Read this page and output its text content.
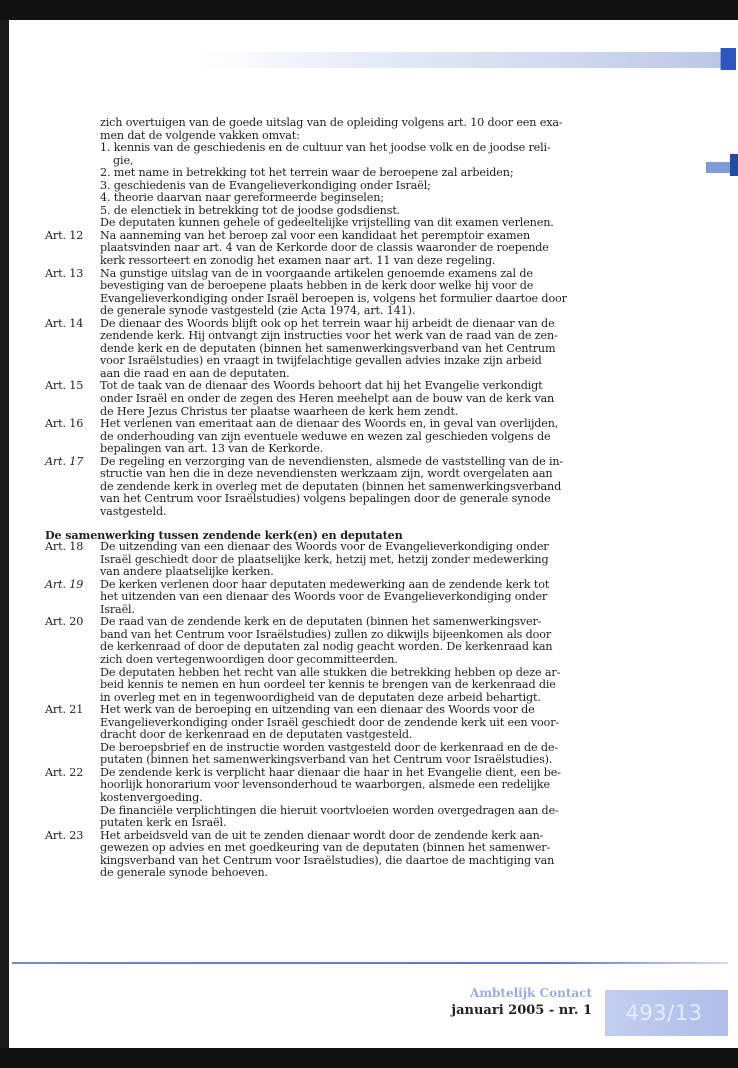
zich overtuigen van de goede uitslag van de opleiding volgens art. 10 door een exa-
men dat de volgende vakken omvat:
1. kennis van de geschiedenis en de cultuur van het joodse volk en de joodse reli-
gie,
2. met name in betrekking tot het terrein waar de beroepene zal arbeiden;
3. geschiedenis van de Evangelieverkondiging onder Israël;
4. theorie daarvan naar gereformeerde beginselen;
5. de elenctiek in betrekking tot de joodse godsdienst.
De deputaten kunnen gehele of gedeeltelijke vrijstelling van dit examen verlenen.
Art. 12	Na aanneming van het beroep zal voor een kandidaat het peremptoir examen
plaatsvinden naar art. 4 van de Kerkorde door de classis waaronder de roepende
kerk ressorteert en zonodig het examen naar art. 11 van deze regeling.
Art. 13	Na gunstige uitslag van de in voorgaande artikelen genoemde examens zal de
bevestiging van de beroepene plaats hebben in de kerk door welke hij voor de
Evangelieverkondiging onder Israël beroepen is, volgens het formulier daartoe door
de generale synode vastgesteld (zie Acta 1974, art. 141).
Art. 14	De dienaar des Woords blijft ook op het terrein waar hij arbeidt de dienaar van de
zendende kerk. Hij ontvangt zijn instructies voor het werk van de raad van de zen-
dende kerk en de deputaten (binnen het samenwerkingsverband van het Centrum
voor Israëlstudies) en vraagt in twijfelachtige gevallen advies inzake zijn arbeid
aan die raad en aan de deputaten.
Art. 15	Tot de taak van de dienaar des Woords behoort dat hij het Evangelie verkondigt
onder Israël en onder de zegen des Heren meehelpt aan de bouw van de kerk van
de Here Jezus Christus ter plaatse waarheen de kerk hem zendt.
Art. 16	Het verlenen van emeritaat aan de dienaar des Woords en, in geval van overlijden,
de onderhouding van zijn eventuele weduwe en wezen zal geschieden volgens de
bepalingen van art. 13 van de Kerkorde.
Art. 17	De regeling en verzorging van de nevendiensten, alsmede de vaststelling van de in-
structie van hen die in deze nevendiensten werkzaam zijn, wordt overgelaten aan
de zendende kerk in overleg met de deputaten (binnen het samenwerkingsverband
van het Centrum voor Israëlstudies) volgens bepalingen door de generale synode
vastgesteld.
De samenwerking tussen zendende kerk(en) en deputaten
Art. 18	De uitzending van een dienaar des Woords voor de Evangelieverkondiging onder
Israël geschiedt door de plaatselijke kerk, hetzij met, hetzij zonder medewerking
van andere plaatselijke kerken.
Art. 19	De kerken verlenen door haar deputaten medewerking aan de zendende kerk tot
het uitzenden van een dienaar des Woords voor de Evangelieverkondiging onder
Israël.
Art. 20	De raad van de zendende kerk en de deputaten (binnen het samenwerkingsver-
band van het Centrum voor Israëlstudies) zullen zo dikwijls bijeenkomen als door
de kerkenraad of door de deputaten zal nodig geacht worden. De kerkenraad kan
zich doen vertegenwoordigen door gecommitteerden.
De deputaten hebben het recht van alle stukken die betrekking hebben op deze ar-
beid kennis te nemen en hun oordeel ter kennis te brengen van de kerkenraad die
in overleg met en in tegenwoordigheid van de deputaten deze arbeid behartigt.
Art. 21	Het werk van de beroeping en uitzending van een dienaar des Woords voor de
Evangelieverkondiging onder Israël geschiedt door de zendende kerk uit een voor-
dracht door de kerkenraad en de deputaten vastgesteld.
De beroepsbrief en de instructie worden vastgesteld door de kerkenraad en de de-
putaten (binnen het samenwerkingsverband van het Centrum voor Israëlstudies).
Art. 22	De zendende kerk is verplicht haar dienaar die haar in het Evangelie dient, een be-
hoorlijk honorarium voor levensonderhoud te waarborgen, alsmede een redelijke
kostenvergoeding.
De financiële verplichtingen die hieruit voortvloeien worden overgedragen aan de-
putaten kerk en Israël.
Art. 23	Het arbeidsveld van de uit te zenden dienaar wordt door de zendende kerk aan-
gewezen op advies en met goedkeuring van de deputaten (binnen het samenwer-
kingsverband van het Centrum voor Israëlstudies), die daartoe de machtiging van
de generale synode behoeven.
493/13
Ambtelijk Contact
januari 2005 - nr. 1
